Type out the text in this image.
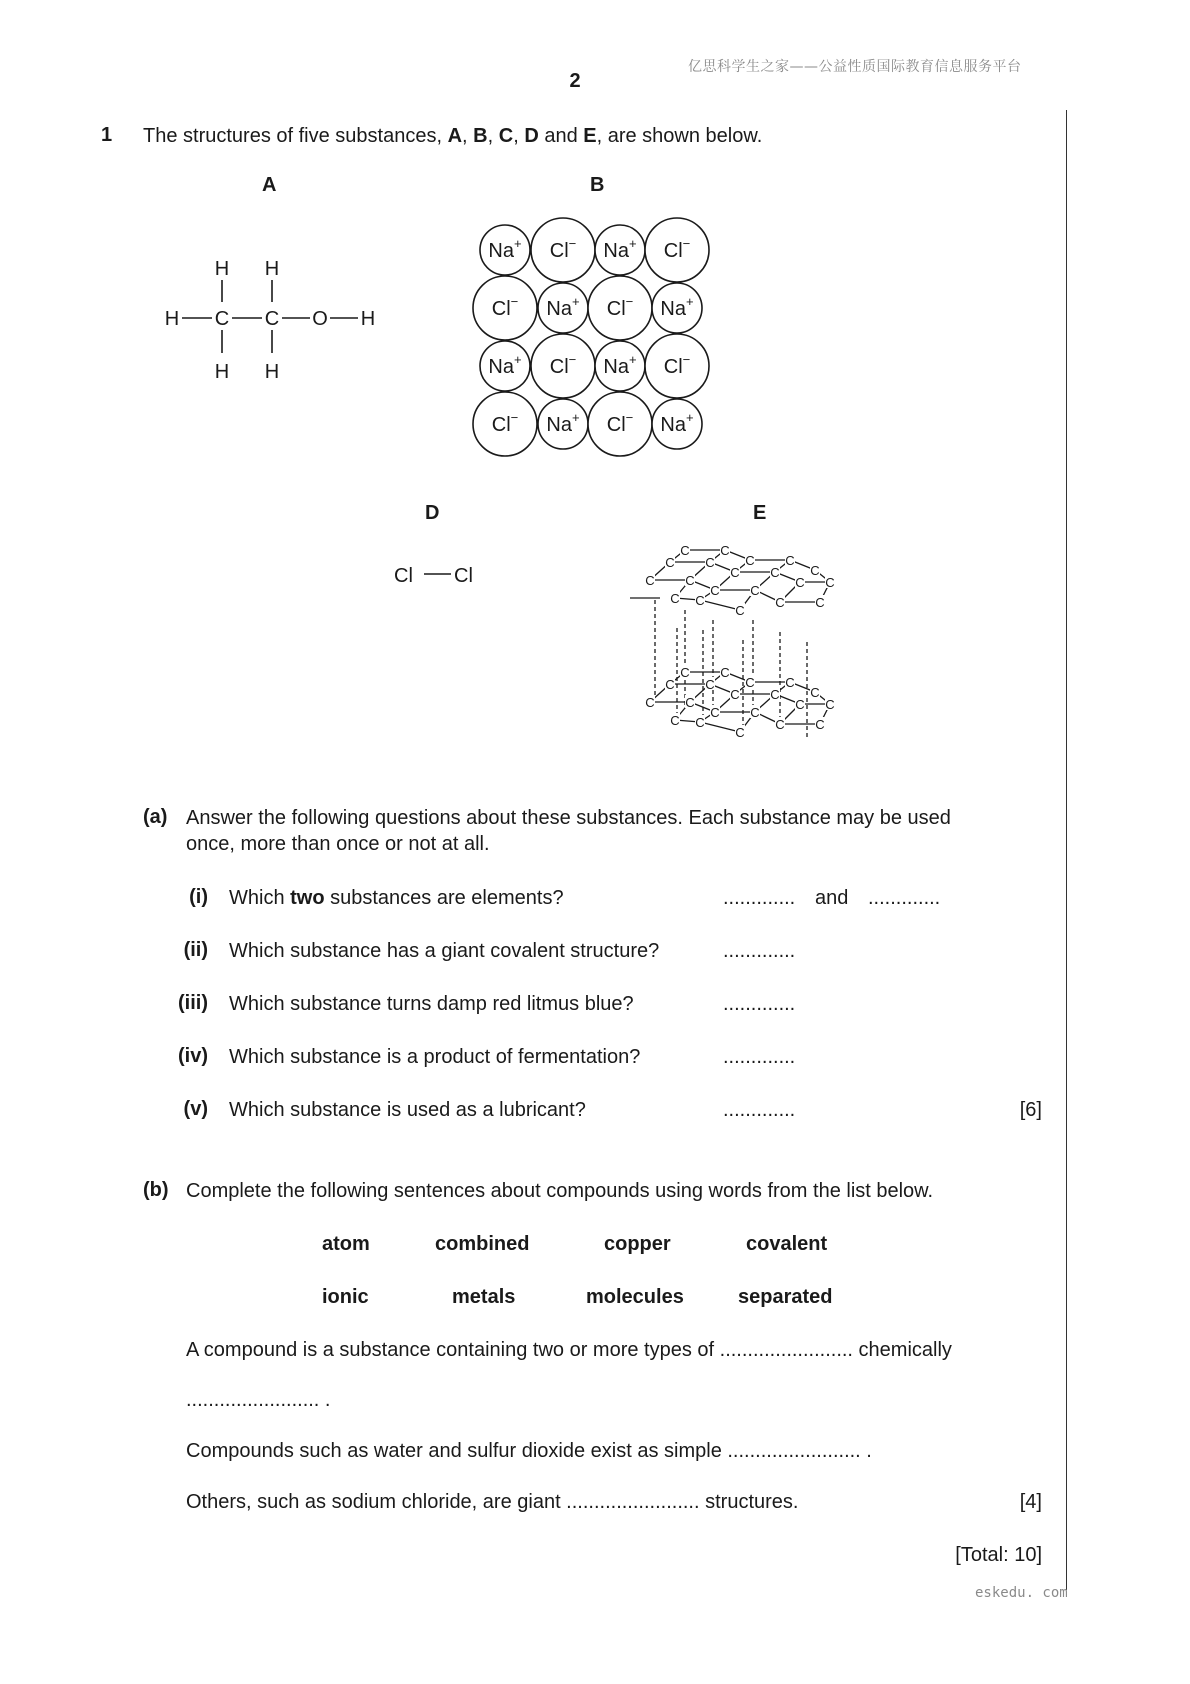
亿思科学生之家——公益性质国际教育信息服务平台
2
1 The structures of five substances, A, B, C, D and E, are shown below.
A	B
D	E
H H
H C C O H
H H
Na+ Cl− Na+ Cl−
Cl− Na+ Cl− Na+
Na+ Cl− Na+ Cl−
Cl− Na+ Cl− Na+
Cl Cl
C C
C C
C
C C
C C
C C
C C
C C
C C
C C
C
C C
C C
C
C C
C C
C C
C C
C C
C C
C C
C
(a) Answer the following questions about these substances. Each substance may be used
once, more than once or not at all.
(i) Which two substances are elements?	............. and .............
(ii) Which substance has a giant covalent structure?	.............
(iii) Which substance turns damp red litmus blue?	.............
(iv) Which substance is a product of fermentation?	.............
(v) Which substance is used as a lubricant?	.............	[6]
(b) Complete the following sentences about compounds using words from the list below.
atom	combined	copper	covalent
ionic	metals	molecules	separated
A compound is a substance containing two or more types of ........................ chemically
........................ .
Compounds such as water and sulfur dioxide exist as simple ........................ .
Others, such as sodium chloride, are giant ........................ structures.	[4]
[Total: 10]
eskedu. com
